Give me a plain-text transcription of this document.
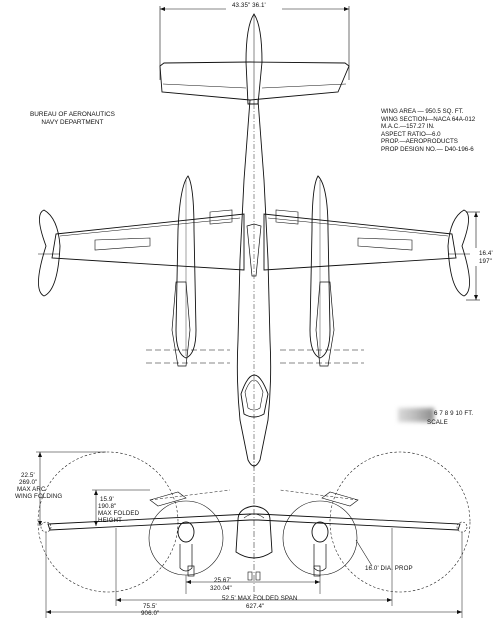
BUREAU OF AERONAUTICS
NAVY DEPARTMENT
WING AREA — 950.5 SQ. FT.
WING SECTION—NACA 64A-012
M.A.C.—157.27 IN.
ASPECT RATIO—6.0
PROP.—AEROPRODUCTS
PROP DESIGN NO.— D40-196-6
43.35" 36.1'
16.4'
197"
22.5'
269.0"
MAX ARC
WING FOLDING	15.9'
190.8"
MAX FOLDED
HEIGHT
25.67'
320.04"
52.5' MAX FOLDED SPAN
627.4"
75.5'
906.0"
16.0' DIA. PROP
6 7 8 9 10 FT.
SCALE
